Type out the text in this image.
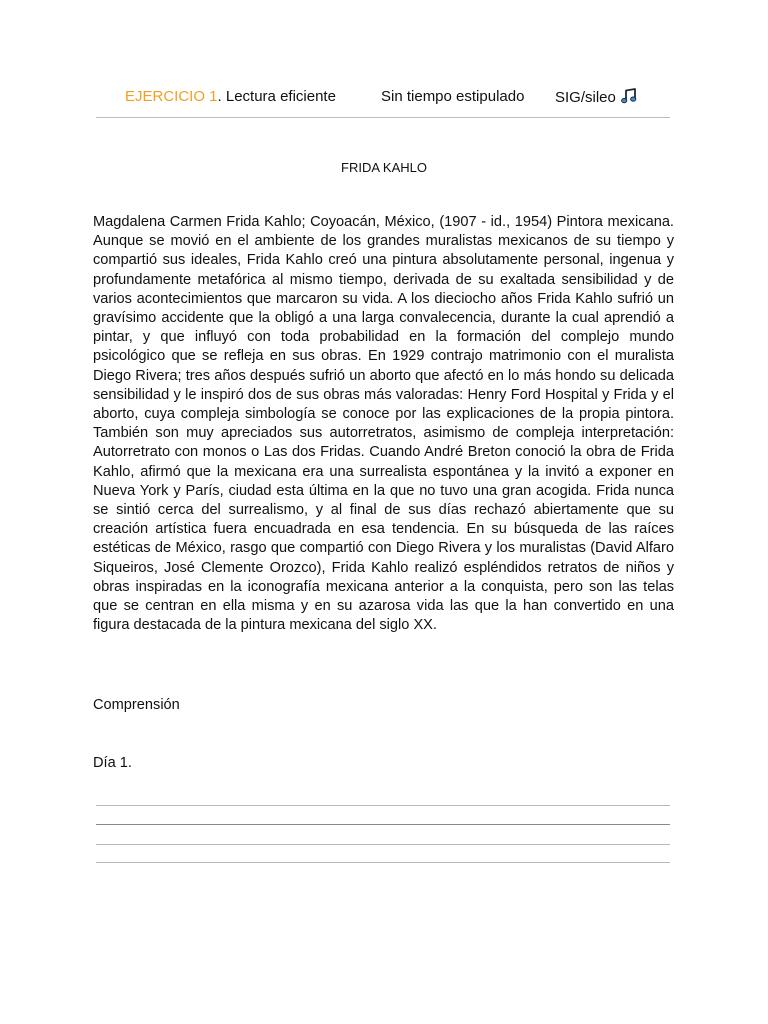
EJERCICIO 1. Lectura eficiente	Sin tiempo estipulado SIG/sileo
FRIDA KAHLO

Magdalena Carmen Frida Kahlo; Coyoacán, México, (1907 - id., 1954) Pintora mexicana. Aunque se movió en el ambiente de los grandes muralistas mexicanos de su tiempo y compartió sus ideales, Frida Kahlo creó una pintura absolutamente personal, ingenua y profundamente metafórica al mismo tiempo, derivada de su exaltada sensibilidad y de varios acontecimientos que marcaron su vida. A los dieciocho años Frida Kahlo sufrió un gravísimo accidente que la obligó a una larga convalecencia, durante la cual aprendió a pintar, y que influyó con toda probabilidad en la formación del complejo mundo psicológico que se refleja en sus obras. En 1929 contrajo matrimonio con el muralista Diego Rivera; tres años después sufrió un aborto que afectó en lo más hondo su delicada sensibilidad y le inspiró dos de sus obras más valoradas: Henry Ford Hospital y Frida y el aborto, cuya compleja simbología se conoce por las explicaciones de la propia pintora. También son muy apreciados sus autorretratos, asimismo de compleja interpretación: Autorretrato con monos o Las dos Fridas. Cuando André Breton conoció la obra de Frida Kahlo, afirmó que la mexicana era una surrealista espontánea y la invitó a exponer en Nueva York y París, ciudad esta última en la que no tuvo una gran acogida. Frida nunca se sintió cerca del surrealismo, y al final de sus días rechazó abiertamente que su creación artística fuera encuadrada en esa tendencia. En su búsqueda de las raíces estéticas de México, rasgo que compartió con Diego Rivera y los muralistas (David Alfaro Siqueiros, José Clemente Orozco), Frida Kahlo realizó espléndidos retratos de niños y obras inspiradas en la iconografía mexicana anterior a la conquista, pero son las telas que se centran en ella misma y en su azarosa vida las que la han convertido en una figura destacada de la pintura mexicana del siglo XX.

Comprensión
Día 1.
